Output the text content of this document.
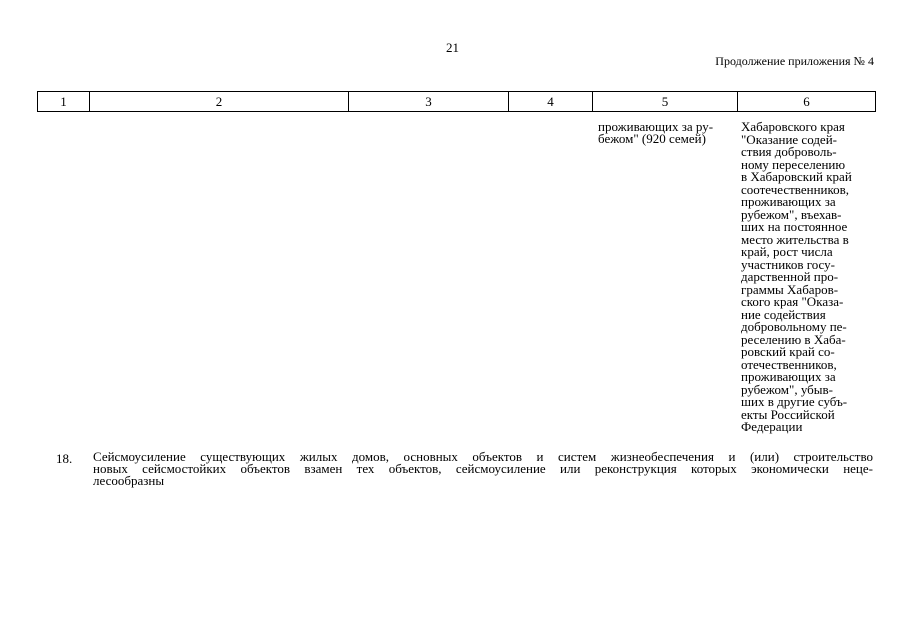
21
Продолжение приложения № 4
1	2	3	4	5	6
проживающих за ру-
бежом" (920 семей)
Хабаровского края
"Оказание содей-
ствия доброволь-
ному переселению
в Хабаровский край
соотечественников,
проживающих за
рубежом", въехав-
ших на постоянное
место жительства в
край, рост числа
участников госу-
дарственной про-
граммы Хабаров-
ского края "Оказа-
ние содействия
добровольному пе-
реселению в Хаба-
ровский край со-
отечественников,
проживающих за
рубежом", убыв-
ших в другие субъ-
екты Российской
Федерации
18. Сейсмоусиление существующих жилых домов, основных объектов и систем жизнеобеспечения и (или) строительство
новых сейсмостойких объектов взамен тех объектов, сейсмоусиление или реконструкция которых экономически неце-
лесообразны
